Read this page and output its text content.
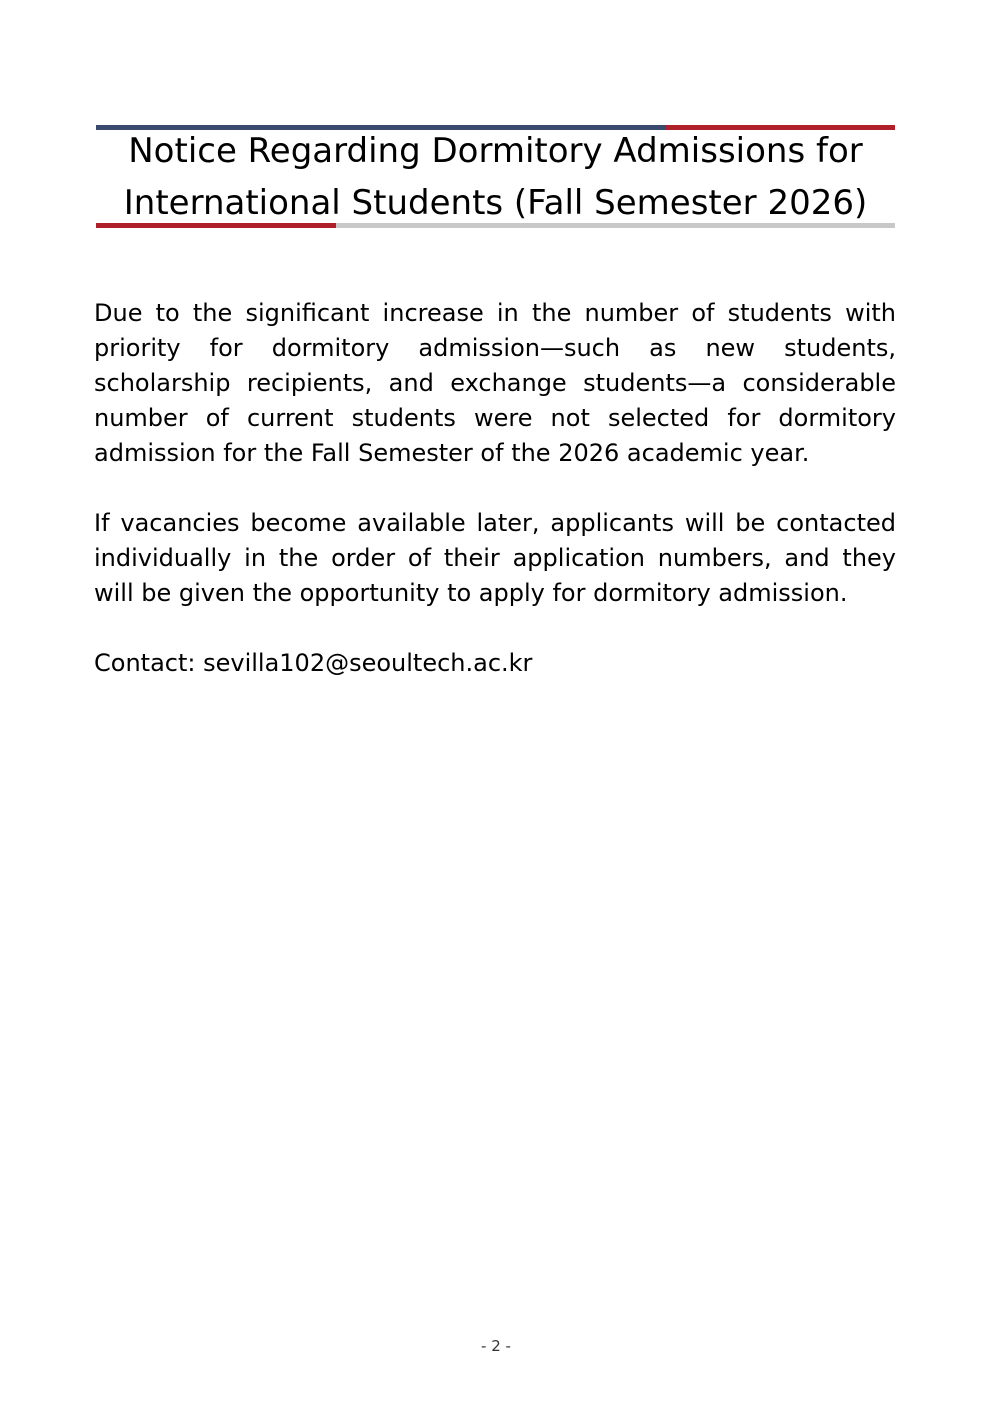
Notice Regarding Dormitory Admissions for
International Students (Fall Semester 2026)

Due to the significant increase in the number of students with priority for dormitory admission—such as new students, scholarship recipients, and exchange students—a considerable number of current students were not selected for dormitory admission for the Fall Semester of the 2026 academic year.

If vacancies become available later, applicants will be contacted individually in the order of their application numbers, and they will be given the opportunity to apply for dormitory admission.

Contact: sevilla102@seoultech.ac.kr

- 2 -
